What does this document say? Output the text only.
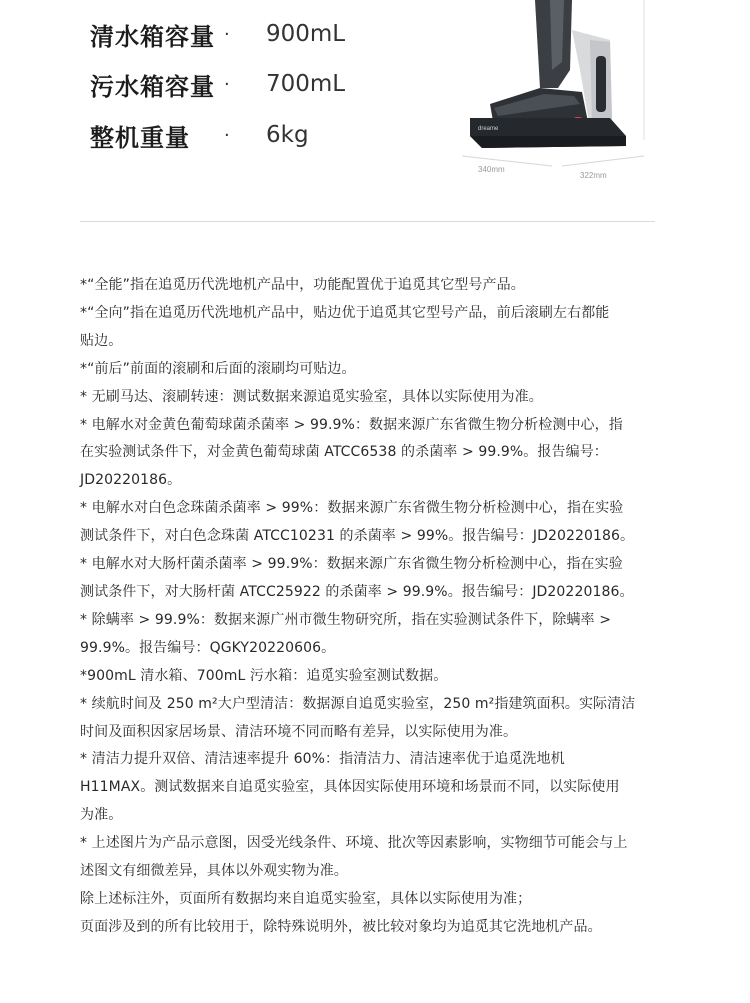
清水箱容量 ·	900mL
污水箱容量 ·	700mL
整机重量	·	6kg	dreame
340mm
322mm
*“全能”指在追觅历代洗地机产品中，功能配置优于追觅其它型号产品。
*“全向”指在追觅历代洗地机产品中，贴边优于追觅其它型号产品，前后滚刷左右都能
贴边。
*“前后”前面的滚刷和后面的滚刷均可贴边。
* 无刷马达、滚刷转速：测试数据来源追觅实验室，具体以实际使用为准。
* 电解水对金黄色葡萄球菌杀菌率 > 99.9%：数据来源广东省微生物分析检测中心，指
在实验测试条件下，对金黄色葡萄球菌 ATCC6538 的杀菌率 > 99.9%。报告编号：
JD20220186。
* 电解水对白色念珠菌杀菌率 > 99%：数据来源广东省微生物分析检测中心，指在实验
测试条件下，对白色念珠菌 ATCC10231 的杀菌率 > 99%。报告编号：JD20220186。
* 电解水对大肠杆菌杀菌率 > 99.9%：数据来源广东省微生物分析检测中心，指在实验
测试条件下，对大肠杆菌 ATCC25922 的杀菌率 > 99.9%。报告编号：JD20220186。
* 除螨率 > 99.9%：数据来源广州市微生物研究所，指在实验测试条件下，除螨率 >
99.9%。报告编号：QGKY20220606。
*900mL 清水箱、700mL 污水箱：追觅实验室测试数据。
* 续航时间及 250 m²大户型清洁：数据源自追觅实验室，250 m²指建筑面积。实际清洁
时间及面积因家居场景、清洁环境不同而略有差异，以实际使用为准。
* 清洁力提升双倍、清洁速率提升 60%：指清洁力、清洁速率优于追觅洗地机
H11MAX。测试数据来自追觅实验室，具体因实际使用环境和场景而不同，以实际使用
为准。
* 上述图片为产品示意图，因受光线条件、环境、批次等因素影响，实物细节可能会与上
述图文有细微差异，具体以外观实物为准。
除上述标注外，页面所有数据均来自追觅实验室，具体以实际使用为准；
页面涉及到的所有比较用于，除特殊说明外，被比较对象均为追觅其它洗地机产品。
